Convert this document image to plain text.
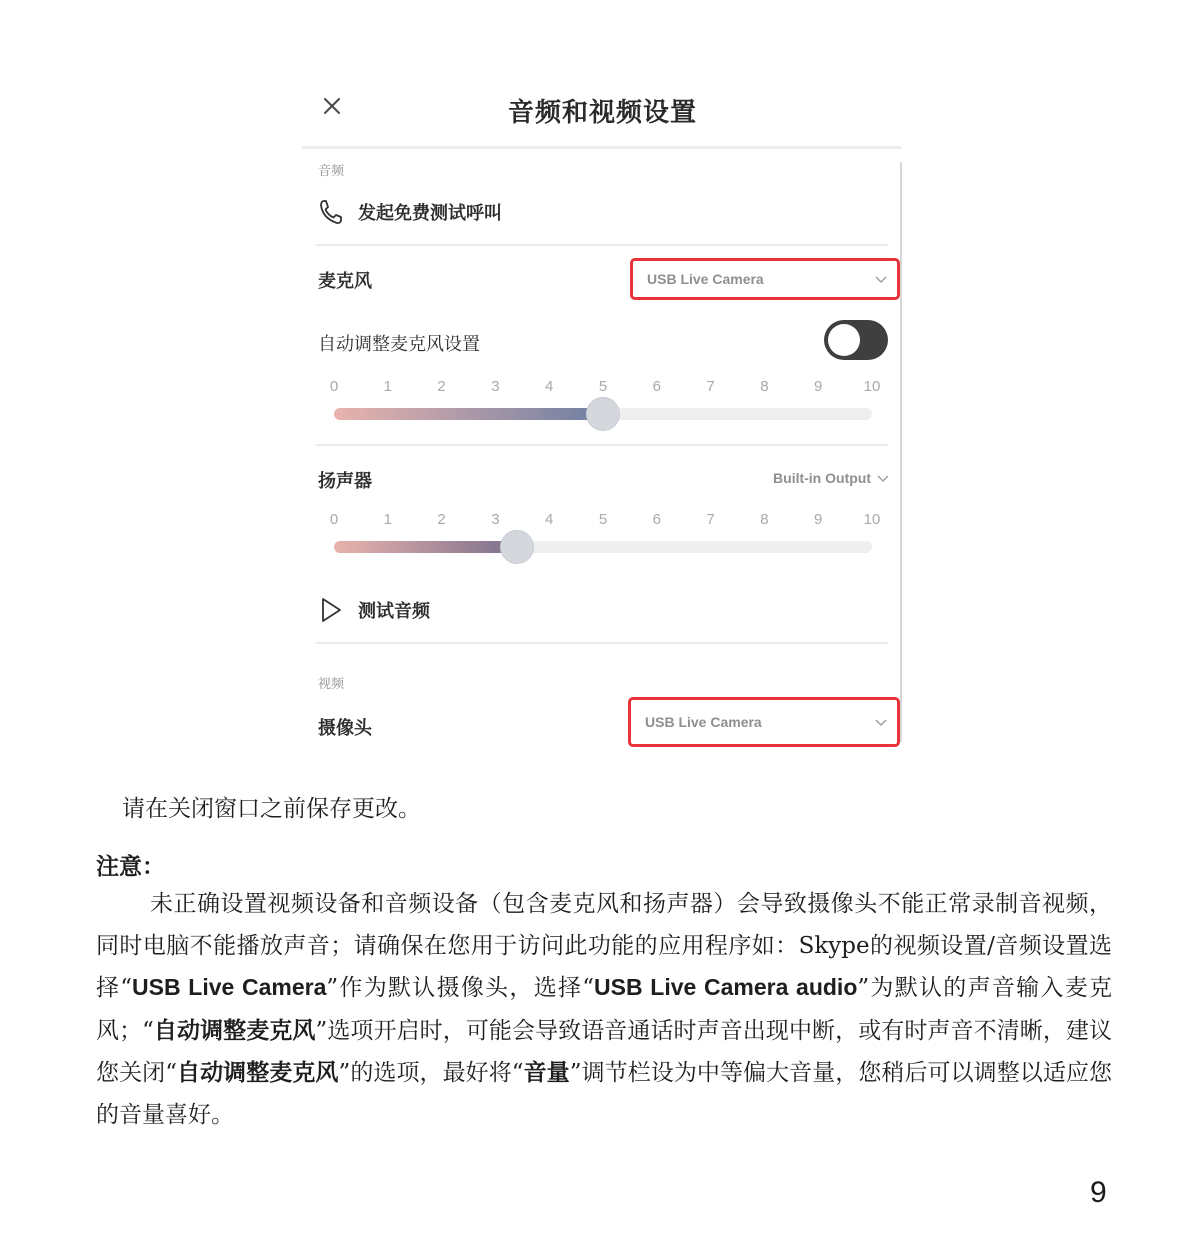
音频和视频设置
音频
发起免费测试呼叫
麦克风	USB Live Camera
自动调整麦克风设置
0	1	2	3	4	5	6	7	8	9	10
扬声器	Built-in Output
0	1	2	3	4	5	6	7	8	9	10
测试音频
视频
摄像头	USB Live Camera
请在关闭窗口之前保存更改。
注意：
未正确设置视频设备和音频设备（包含麦克风和扬声器）会导致摄像头不能正常录制音视频，同时电脑不能播放声音；请确保在您用于访问此功能的应用程序如：Skype的视频设置/音频设置选择“USB Live Camera”作为默认摄像头，选择“USB Live Camera audio”为默认的声音输入麦克风；“自动调整麦克风”选项开启时，可能会导致语音通话时声音出现中断，或有时声音不清晰，建议您关闭“自动调整麦克风”的选项，最好将“音量”调节栏设为中等偏大音量，您稍后可以调整以适应您的音量喜好。
9
